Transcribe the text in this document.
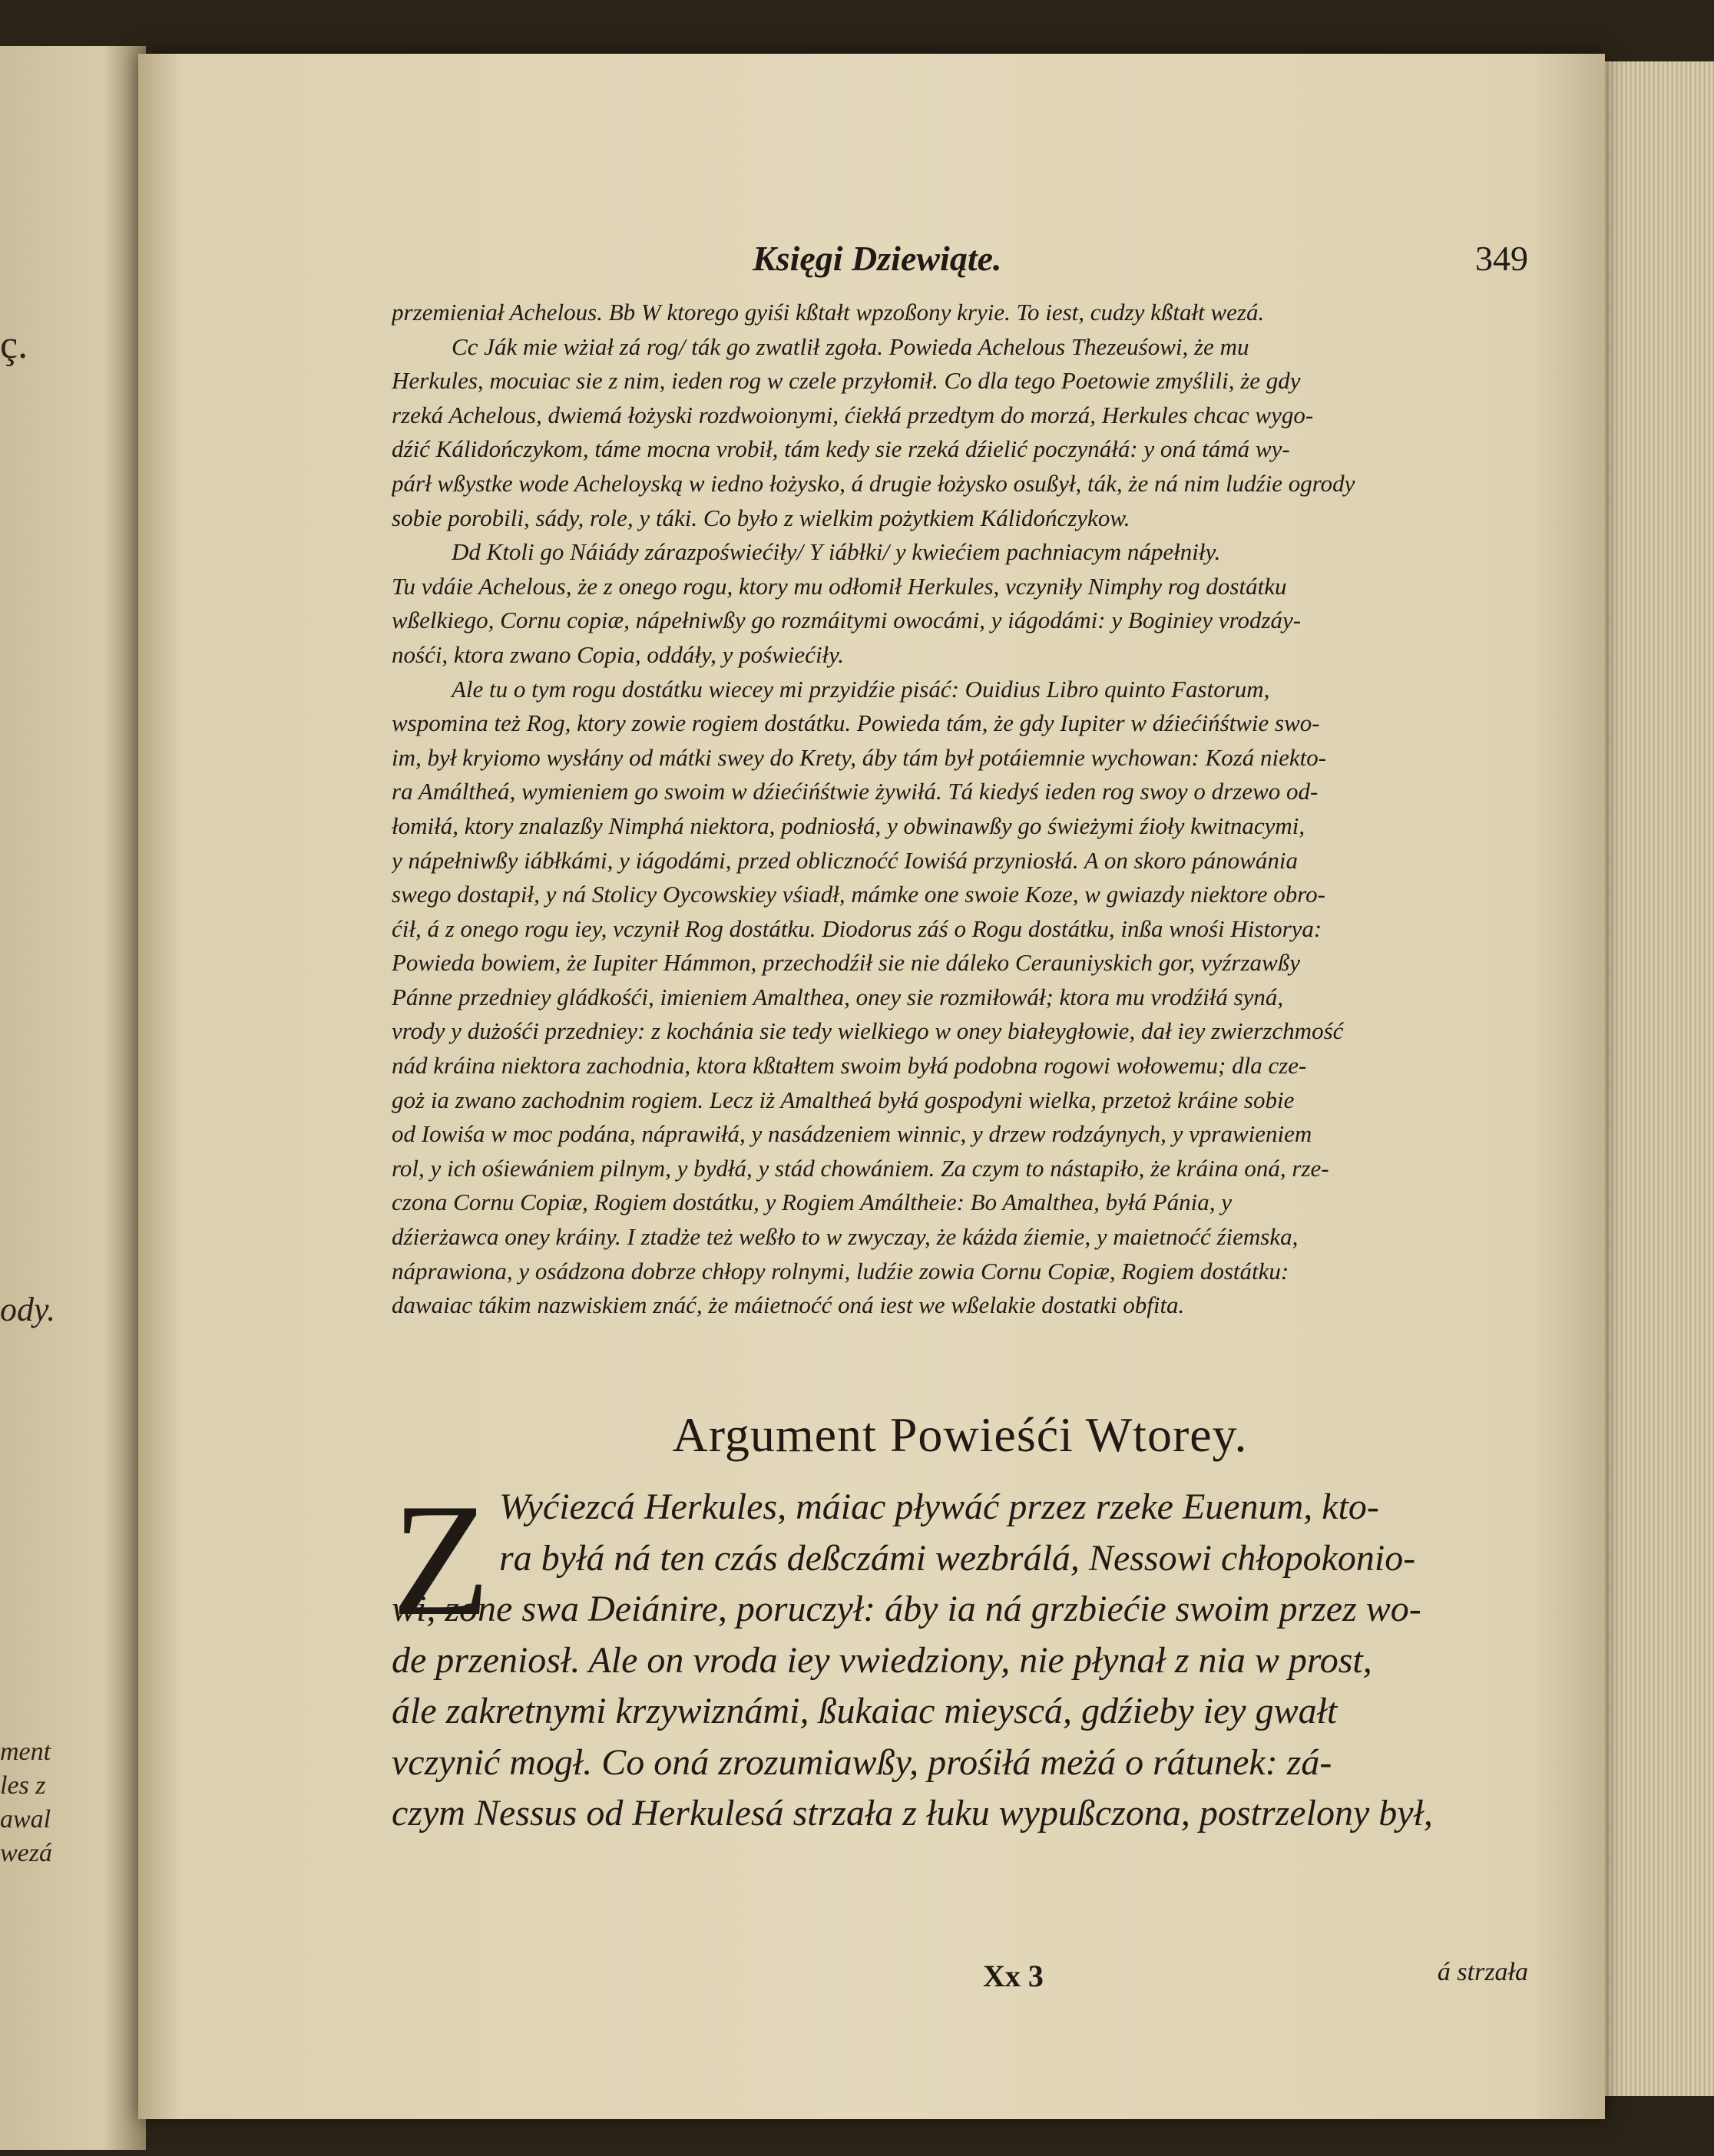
ç.
ody.
ment
les z
awal
wezá
Księgi Dziewiąte.	349

przemieniał Achelous. Bb W ktorego gyiśi kßtałt wpzoßony kryie. To iest, cudzy kßtałt wezá.

Cc Ják mie wżiał zá rog/ ták go zwatlił zgoła. Powieda Achelous Thezeuśowi, że mu

Herkules, mocuiac sie z nim, ieden rog w czele przyłomił. Co dla tego Poetowie zmyślili, że gdy

rzeká Achelous, dwiemá łożyski rozdwoionymi, ćiekłá przedtym do morzá, Herkules chcac wygo-

dźić Kálidończykom, táme mocna vrobił, tám kedy sie rzeká dźielić poczynáłá: y oná támá wy-

párł wßystke wode Acheloyską w iedno łożysko, á drugie łożysko osußył, ták, że ná nim ludźie ogrody

sobie porobili, sády, role, y táki. Co było z wielkim pożytkiem Kálidończykow.

Dd Ktoli go Náiády zárazpoświećiły/ Y iábłki/ y kwiećiem pachniacym nápełniły.

Tu vdáie Achelous, że z onego rogu, ktory mu odłomił Herkules, vczyniły Nimphy rog dostátku

wßelkiego, Cornu copiæ, nápełniwßy go rozmáitymi owocámi, y iágodámi: y Boginiey vrodzáy-

nośći, ktora zwano Copia, oddáły, y poświećiły.

Ale tu o tym rogu dostátku wiecey mi przyidźie pisáć: Ouidius Libro quinto Fastorum,

wspomina też Rog, ktory zowie rogiem dostátku. Powieda tám, że gdy Iupiter w dźiećińśtwie swo-

im, był kryiomo wysłány od mátki swey do Krety, áby tám był potáiemnie wychowan: Kozá niekto-

ra Amáltheá, wymieniem go swoim w dźiećińśtwie żywiłá. Tá kiedyś ieden rog swoy o drzewo od-

łomiłá, ktory znalazßy Nimphá niektora, podniosłá, y obwinawßy go świeżymi źioły kwitnacymi,

y nápełniwßy iábłkámi, y iágodámi, przed oblicznoćć Iowiśá przyniosłá. A on skoro pánowánia

swego dostapił, y ná Stolicy Oycowskiey vśiadł, mámke one swoie Koze, w gwiazdy niektore obro-

ćił, á z onego rogu iey, vczynił Rog dostátku. Diodorus záś o Rogu dostátku, inßa wnośi Historya:

Powieda bowiem, że Iupiter Hámmon, przechodźił sie nie dáleko Cerauniyskich gor, vyźrzawßy

Pánne przedniey gládkośći, imieniem Amalthea, oney sie rozmiłowáł; ktora mu vrodźiłá syná,

vrody y dużośći przedniey: z kochánia sie tedy wielkiego w oney białeygłowie, dał iey zwierzchmość

nád kráina niektora zachodnia, ktora kßtałtem swoim byłá podobna rogowi wołowemu; dla cze-

goż ia zwano zachodnim rogiem. Lecz iż Amaltheá byłá gospodyni wielka, przetoż kráine sobie

od Iowiśa w moc podána, náprawiłá, y nasádzeniem winnic, y drzew rodzáynych, y vprawieniem

rol, y ich ośiewániem pilnym, y bydłá, y stád chowániem. Za czym to nástapiło, że kráina oná, rze-

czona Cornu Copiæ, Rogiem dostátku, y Rogiem Amáltheie: Bo Amalthea, byłá Pánia, y

dźierżawca oney kráiny. I ztadże też weßło to w zwyczay, że káżda źiemie, y maietnoćć źiemska,

náprawiona, y osádzona dobrze chłopy rolnymi, ludźie zowia Cornu Copiæ, Rogiem dostátku:

dawaiac tákim nazwiskiem znáć, że máietnoćć oná iest we wßelakie dostatki obfita.

Argument Powieśći Wtorey.
Z Wyćiezcá Herkules, máiac pływáć przez rzeke Euenum, kto-

ra byłá ná ten czás deßczámi wezbrálá, Nessowi chłopokonio-

wi, zone swa Deiánire, poruczył: áby ia ná grzbiećie swoim przez wo-

de przeniosł. Ale on vroda iey vwiedziony, nie płynał z nia w prost,

ále zakretnymi krzywiznámi, ßukaiac mieyscá, gdźieby iey gwałt

vczynić mogł. Co oná zrozumiawßy, prośiłá meżá o rátunek: zá-

czym Nessus od Herkulesá strzała z łuku wypußczona, postrzelony był,

Xx 3	á strzała
